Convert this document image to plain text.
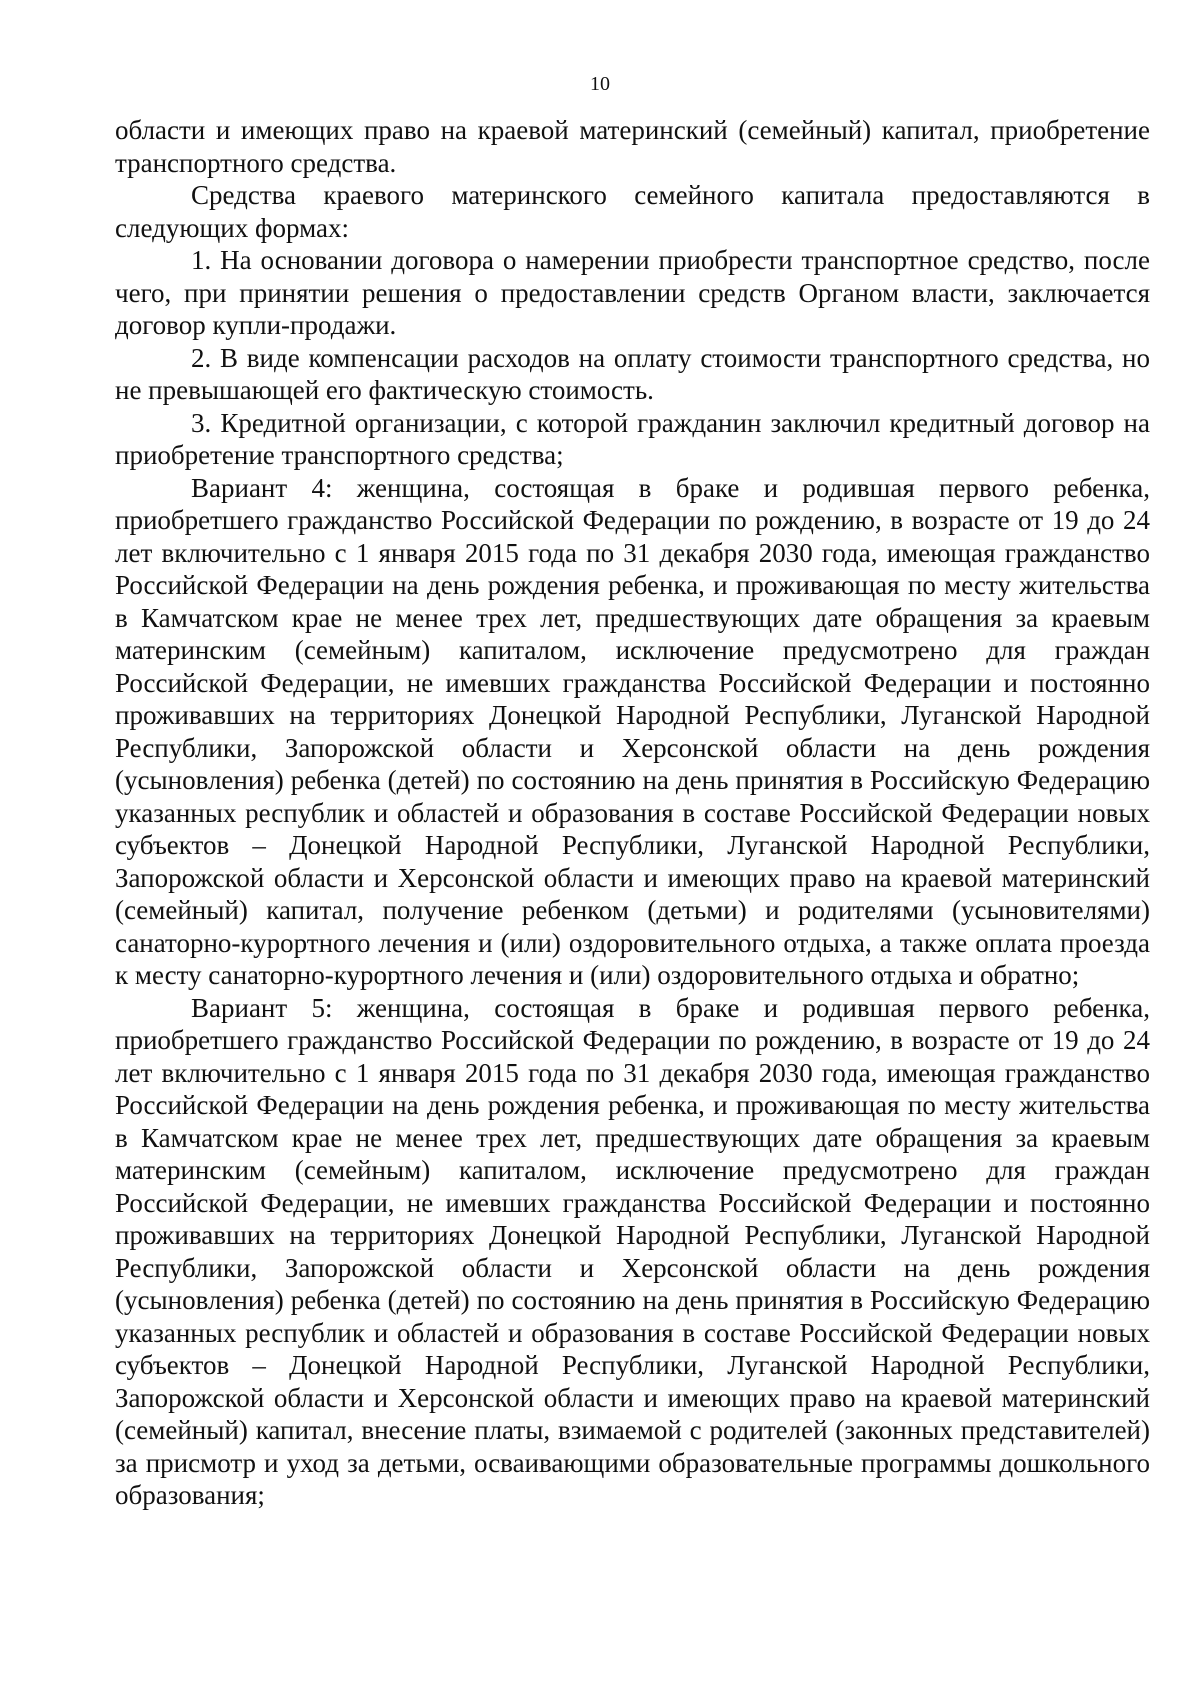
10

области и имеющих право на краевой материнский (семейный) капитал, приобретение транспортного средства.

Средства краевого материнского семейного капитала предоставляются в следующих формах:

1. На основании договора о намерении приобрести транспортное средство, после чего, при принятии решения о предоставлении средств Органом власти, заключается договор купли-продажи.

2. В виде компенсации расходов на оплату стоимости транспортного средства, но не превышающей его фактическую стоимость.

3. Кредитной организации, с которой гражданин заключил кредитный договор на приобретение транспортного средства;

Вариант 4: женщина, состоящая в браке и родившая первого ребенка, приобретшего гражданство Российской Федерации по рождению, в возрасте от 19 до 24 лет включительно с 1 января 2015 года по 31 декабря 2030 года, имеющая гражданство Российской Федерации на день рождения ребенка, и проживающая по месту жительства в Камчатском крае не менее трех лет, предшествующих дате обращения за краевым материнским (семейным) капиталом, исключение предусмотрено для граждан Российской Федерации, не имевших гражданства Российской Федерации и постоянно проживавших на территориях Донецкой Народной Республики, Луганской Народной Республики, Запорожской области и Херсонской области на день рождения (усыновления) ребенка (детей) по состоянию на день принятия в Российскую Федерацию указанных республик и областей и образования в составе Российской Федерации новых субъектов – Донецкой Народной Республики, Луганской Народной Республики, Запорожской области и Херсонской области и имеющих право на краевой материнский (семейный) капитал, получение ребенком (детьми) и родителями (усыновителями) санаторно-курортного лечения и (или) оздоровительного отдыха, а также оплата проезда к месту санаторно-курортного лечения и (или) оздоровительного отдыха и обратно;

Вариант 5: женщина, состоящая в браке и родившая первого ребенка, приобретшего гражданство Российской Федерации по рождению, в возрасте от 19 до 24 лет включительно с 1 января 2015 года по 31 декабря 2030 года, имеющая гражданство Российской Федерации на день рождения ребенка, и проживающая по месту жительства в Камчатском крае не менее трех лет, предшествующих дате обращения за краевым материнским (семейным) капиталом, исключение предусмотрено для граждан Российской Федерации, не имевших гражданства Российской Федерации и постоянно проживавших на территориях Донецкой Народной Республики, Луганской Народной Республики, Запорожской области и Херсонской области на день рождения (усыновления) ребенка (детей) по состоянию на день принятия в Российскую Федерацию указанных республик и областей и образования в составе Российской Федерации новых субъектов – Донецкой Народной Республики, Луганской Народной Республики, Запорожской области и Херсонской области и имеющих право на краевой материнский (семейный) капитал, внесение платы, взимаемой с родителей (законных представителей) за присмотр и уход за детьми, осваивающими образовательные программы дошкольного образования;
